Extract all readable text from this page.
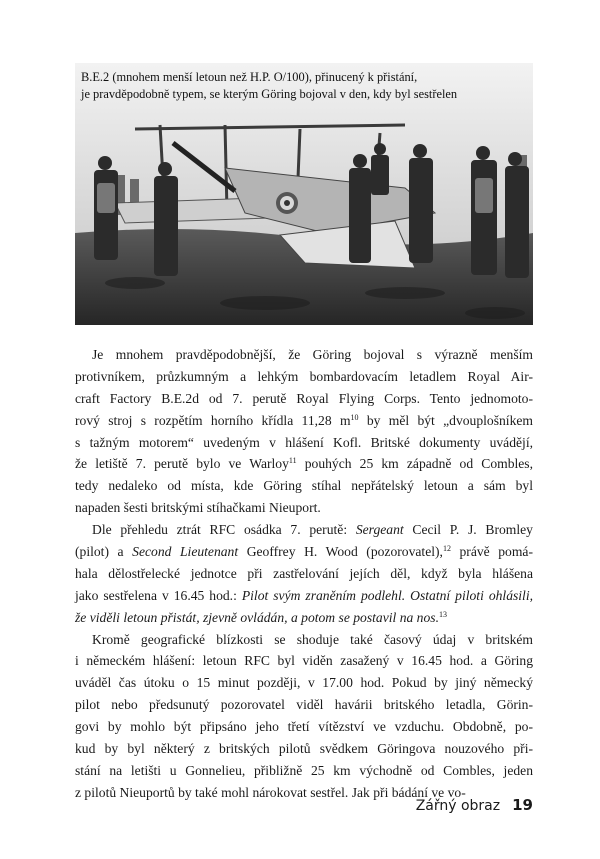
B.E.2 (mnohem menší letoun než H.P. O/100), přinucený k přistání,
je pravděpodobně typem, se kterým Göring bojoval v den, kdy byl sestřelen
Je mnohem pravděpodobnější, že Göring bojoval s výrazně menším
protivníkem, průzkumným a lehkým bombardovacím letadlem Royal Air-
craft Factory B.E.2d od 7. perutě Royal Flying Corps. Tento jednomoto-
rový stroj s rozpětím horního křídla 11,28 m$^{10}$ by měl být „dvouplošníkem
s tažným motorem“ uvedeným v hlášení Kofl. Britské dokumenty uvádějí,
že letiště 7. perutě bylo ve Warloy$^{11}$ pouhých 25 km západně od Combles,
tedy nedaleko od místa, kde Göring stíhal nepřátelský letoun a sám byl
napaden šesti britskými stíhačkami Nieuport.
Dle přehledu ztrát RFC osádka 7. perutě: Sergeant Cecil P. J. Bromley
(pilot) a Second Lieutenant Geoffrey H. Wood (pozorovatel),$^{12}$ právě pomá-
hala dělostřelecké jednotce při zastřelování jejích děl, když byla hlášena
jako sestřelena v 16.45 hod.: Pilot svým zraněním podlehl. Ostatní piloti ohlásili,
že viděli letoun přistát, zjevně ovládán, a potom se postavil na nos.$^{13}$
Kromě geografické blízkosti se shoduje také časový údaj v britském
i německém hlášení: letoun RFC byl viděn zasažený v 16.45 hod. a Göring
uváděl čas útoku o 15 minut později, v 17.00 hod. Pokud by jiný německý
pilot nebo předsunutý pozorovatel viděl havárii britského letadla, Görin-
govi by mohlo být připsáno jeho třetí vítězství ve vzduchu. Obdobně, po-
kud by byl některý z britských pilotů svědkem Göringova nouzového při-
stání na letišti u Gonnelieu, přibližně 25 km východně od Combles, jeden
z pilotů Nieuportů by také mohl nárokovat sestřel. Jak při bádání ve vo-
Zářný obraz 19
